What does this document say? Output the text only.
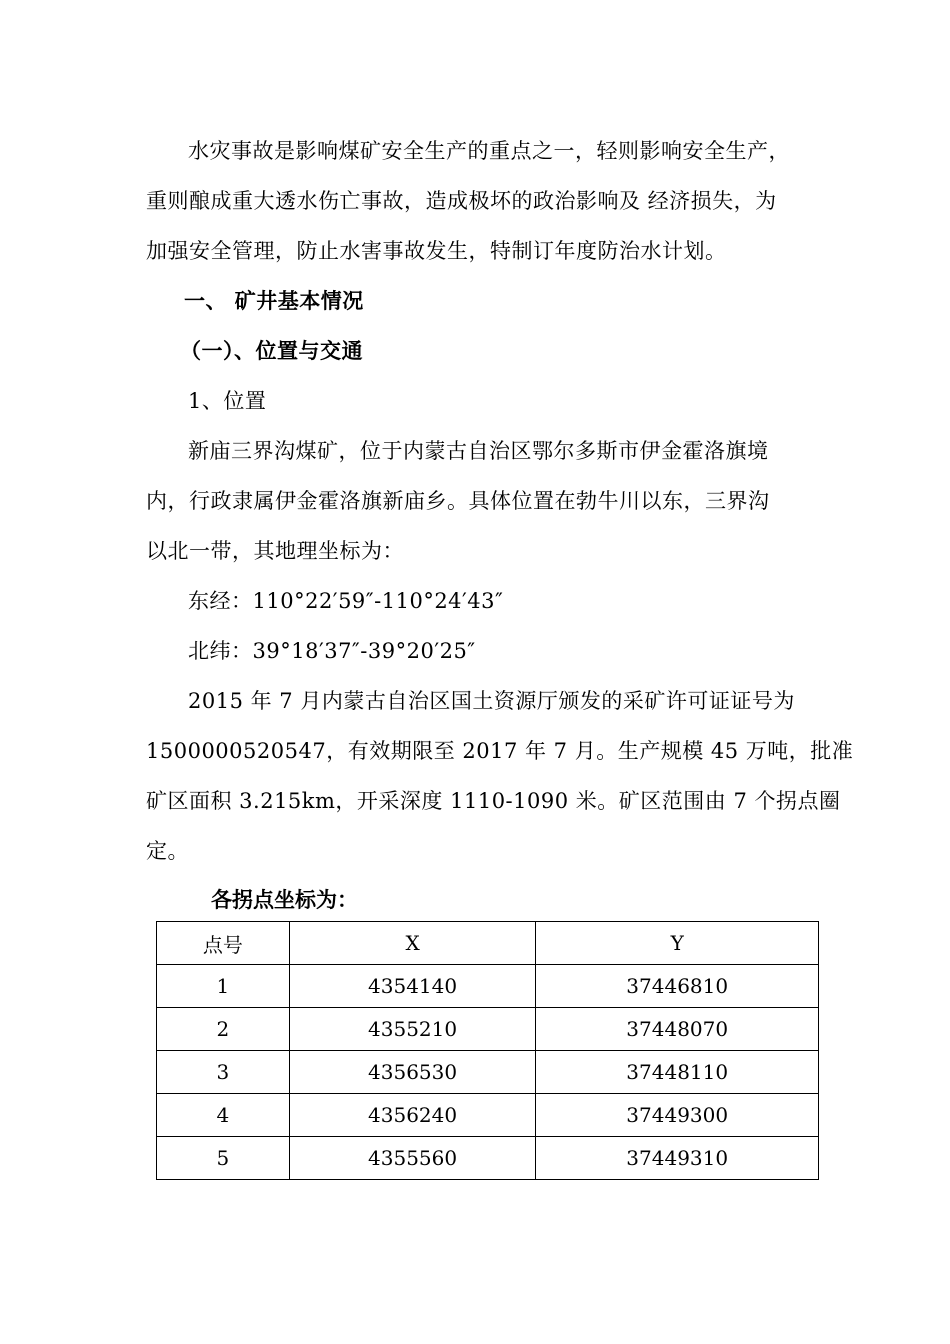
水灾事故是影响煤矿安全生产的重点之一，轻则影响安全生产，
重则酿成重大透水伤亡事故，造成极坏的政治影响及 经济损失，为
加强安全管理，防止水害事故发生，特制订年度防治水计划。
一、 矿井基本情况
（一）、位置与交通
1、位置
新庙三界沟煤矿，位于内蒙古自治区鄂尔多斯市伊金霍洛旗境
内，行政隶属伊金霍洛旗新庙乡。具体位置在勃牛川以东，三界沟
以北一带，其地理坐标为：
东经：110°22′59″-110°24′43″
北纬：39°18′37″-39°20′25″
2015 年 7 月内蒙古自治区国土资源厅颁发的采矿许可证证号为
1500000520547，有效期限至 2017 年 7 月。生产规模 45 万吨，批准
矿区面积 3.215km，开采深度 1110-1090 米。矿区范围由 7 个拐点圈
定。
各拐点坐标为：
点号	X	Y
1	4354140	37446810
2	4355210	37448070
3	4356530	37448110
4	4356240	37449300
5	4355560	37449310
